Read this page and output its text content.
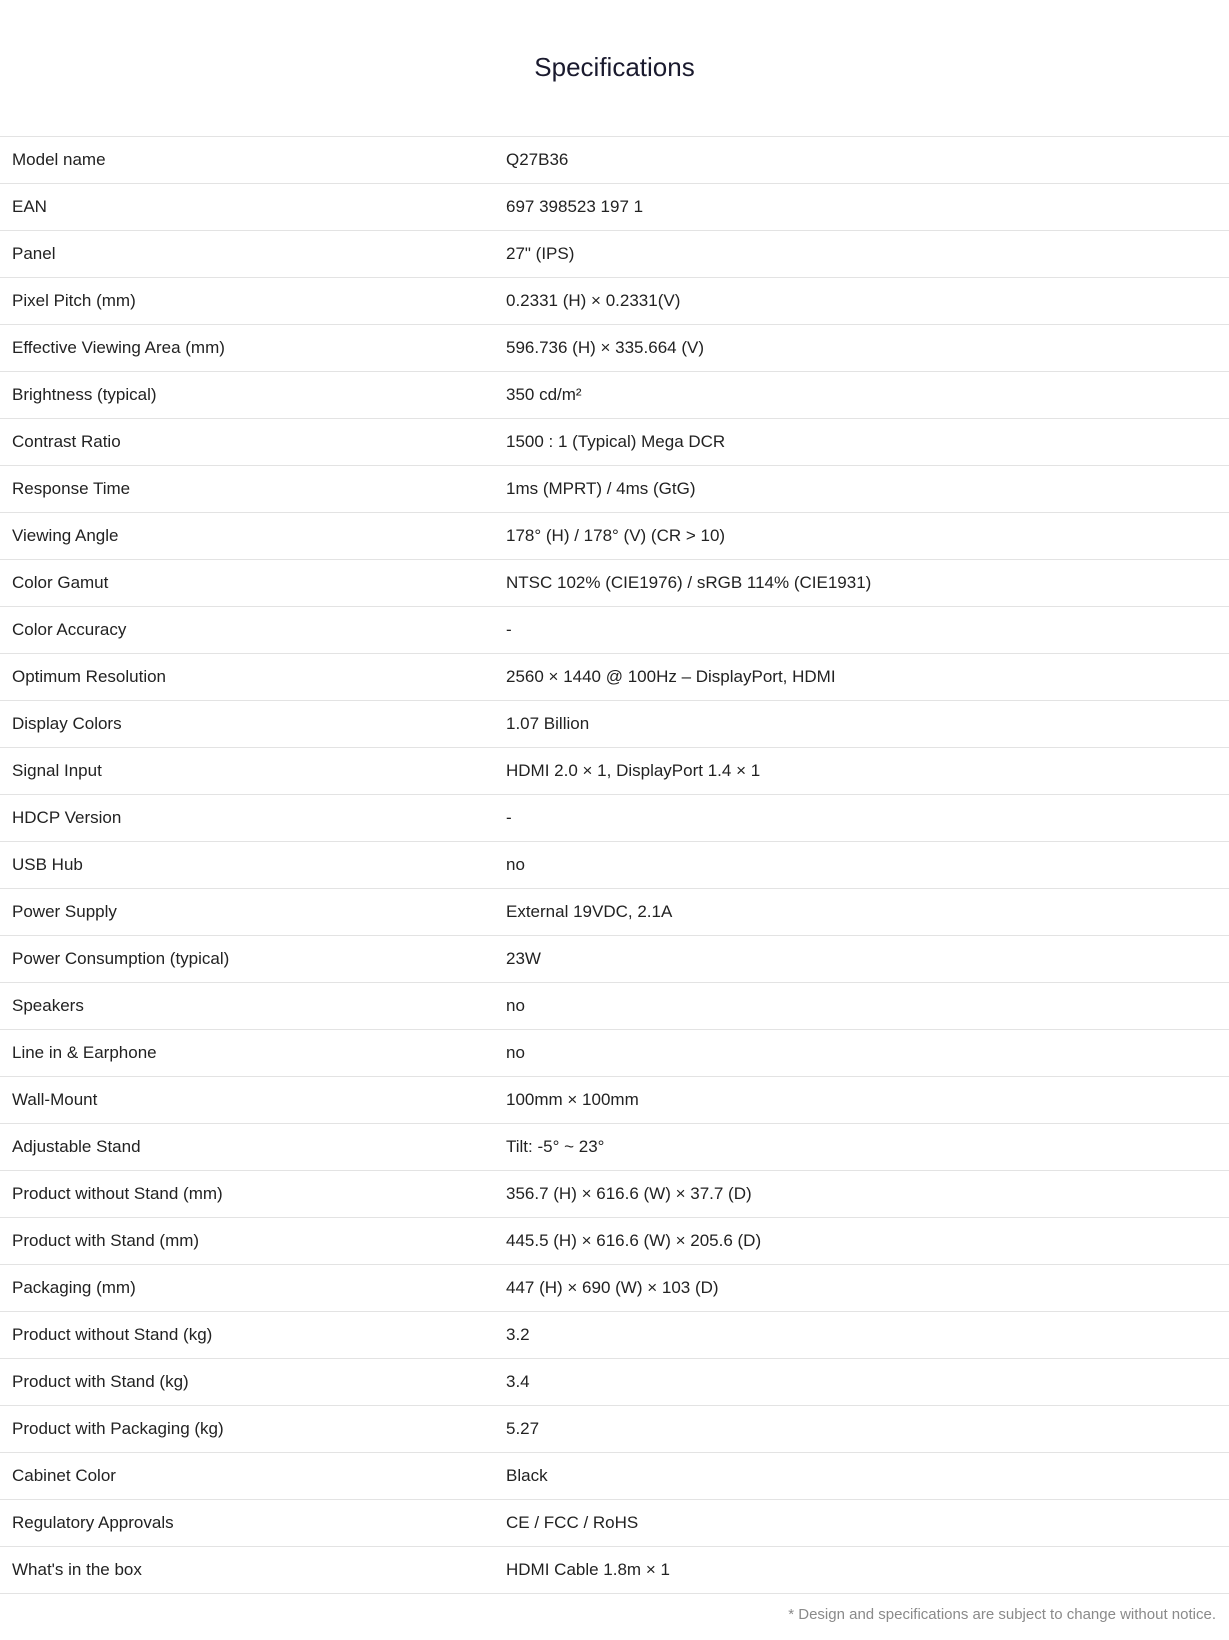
Specifications
Model name	Q27B36
EAN	697 398523 197 1
Panel	27" (IPS)
Pixel Pitch (mm)	0.2331 (H) × 0.2331(V)
Effective Viewing Area (mm)	596.736 (H) × 335.664 (V)
Brightness (typical)	350 cd/m²
Contrast Ratio	1500 : 1 (Typical) Mega DCR
Response Time	1ms (MPRT) / 4ms (GtG)
Viewing Angle	178° (H) / 178° (V) (CR > 10)
Color Gamut	NTSC 102% (CIE1976) / sRGB 114% (CIE1931)
Color Accuracy	-
Optimum Resolution	2560 × 1440 @ 100Hz – DisplayPort, HDMI
Display Colors	1.07 Billion
Signal Input	HDMI 2.0 × 1, DisplayPort 1.4 × 1
HDCP Version	-
USB Hub	no
Power Supply	External 19VDC, 2.1A
Power Consumption (typical)	23W
Speakers	no
Line in & Earphone	no
Wall-Mount	100mm × 100mm
Adjustable Stand	Tilt: -5° ~ 23°
Product without Stand (mm)	356.7 (H) × 616.6 (W) × 37.7 (D)
Product with Stand (mm)	445.5 (H) × 616.6 (W) × 205.6 (D)
Packaging (mm)	447 (H) × 690 (W) × 103 (D)
Product without Stand (kg)	3.2
Product with Stand (kg)	3.4
Product with Packaging (kg)	5.27
Cabinet Color	Black
Regulatory Approvals	CE / FCC / RoHS
What's in the box	HDMI Cable 1.8m × 1
* Design and specifications are subject to change without notice.
